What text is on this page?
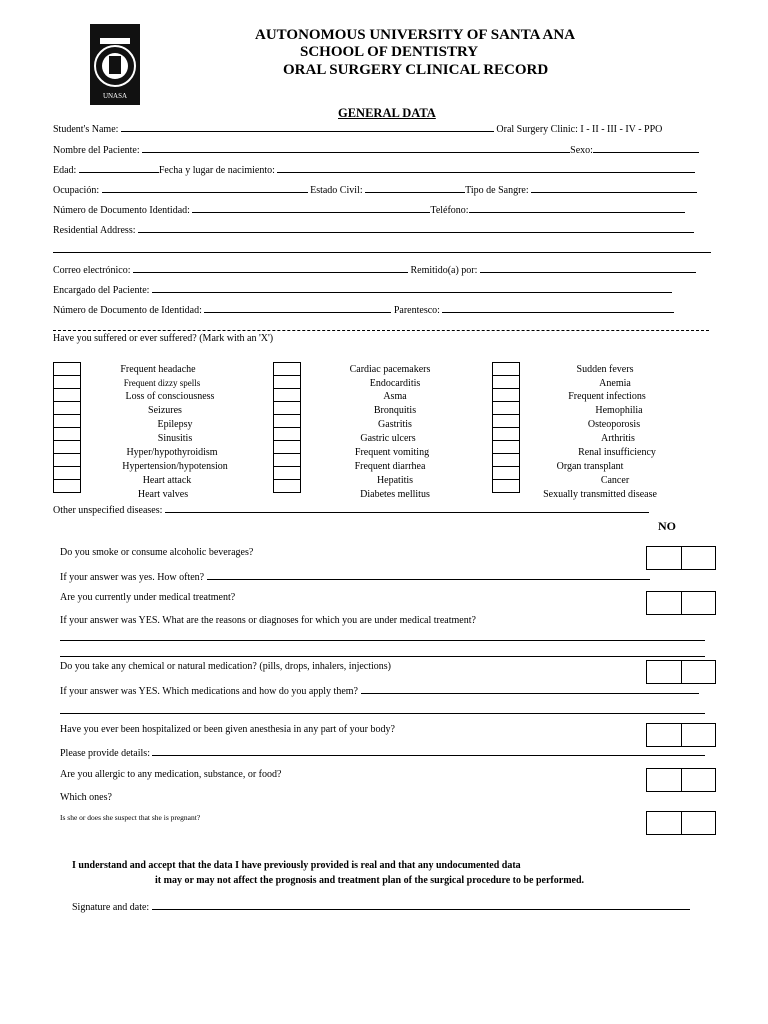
UNASA
AUTONOMOUS UNIVERSITY OF SANTA ANA
SCHOOL OF DENTISTRY
ORAL SURGERY CLINICAL RECORD
GENERAL DATA
Student's Name:	Oral Surgery Clinic: I - II - III - IV - PPO
Nombre del Paciente:	Sexo:
Edad:	Fecha y lugar de nacimiento:
Ocupación:	Estado Civil:	Tipo de Sangre:
Número de Documento Identidad:	Teléfono:
Residential Address:
Correo electrónico:	Remitido(a) por:
Encargado del Paciente:
Número de Documento de Identidad:	Parentesco:
Have you suffered or ever suffered? (Mark with an 'X')
Frequent headache
Frequent dizzy spells
Loss of consciousness
Seizures
Epilepsy
Sinusitis
Hyper/hypothyroidism
Hypertension/hypotension
Heart attack
Heart valves
Cardiac pacemakers
Endocarditis
Asma
Bronquitis
Gastritis
Gastric ulcers
Frequent vomiting
Frequent diarrhea
Hepatitis
Diabetes mellitus
Sudden fevers
Anemia
Frequent infections
Hemophilia
Osteoporosis
Arthritis
Renal insufficiency
Organ transplant
Cancer
Sexually transmitted disease
Other unspecified diseases:
NO
Do you smoke or consume alcoholic beverages?
If your answer was yes. How often?
Are you currently under medical treatment?
If your answer was YES. What are the reasons or diagnoses for which you are under medical treatment?
Do you take any chemical or natural medication? (pills, drops, inhalers, injections)
If your answer was YES. Which medications and how do you apply them?
Have you ever been hospitalized or been given anesthesia in any part of your body?
Please provide details:
Are you allergic to any medication, substance, or food?
Which ones?
Is she or does she suspect that she is pregnant?
I understand and accept that the data I have previously provided is real and that any undocumented data
it may or may not affect the prognosis and treatment plan of the surgical procedure to be performed.
Signature and date:
